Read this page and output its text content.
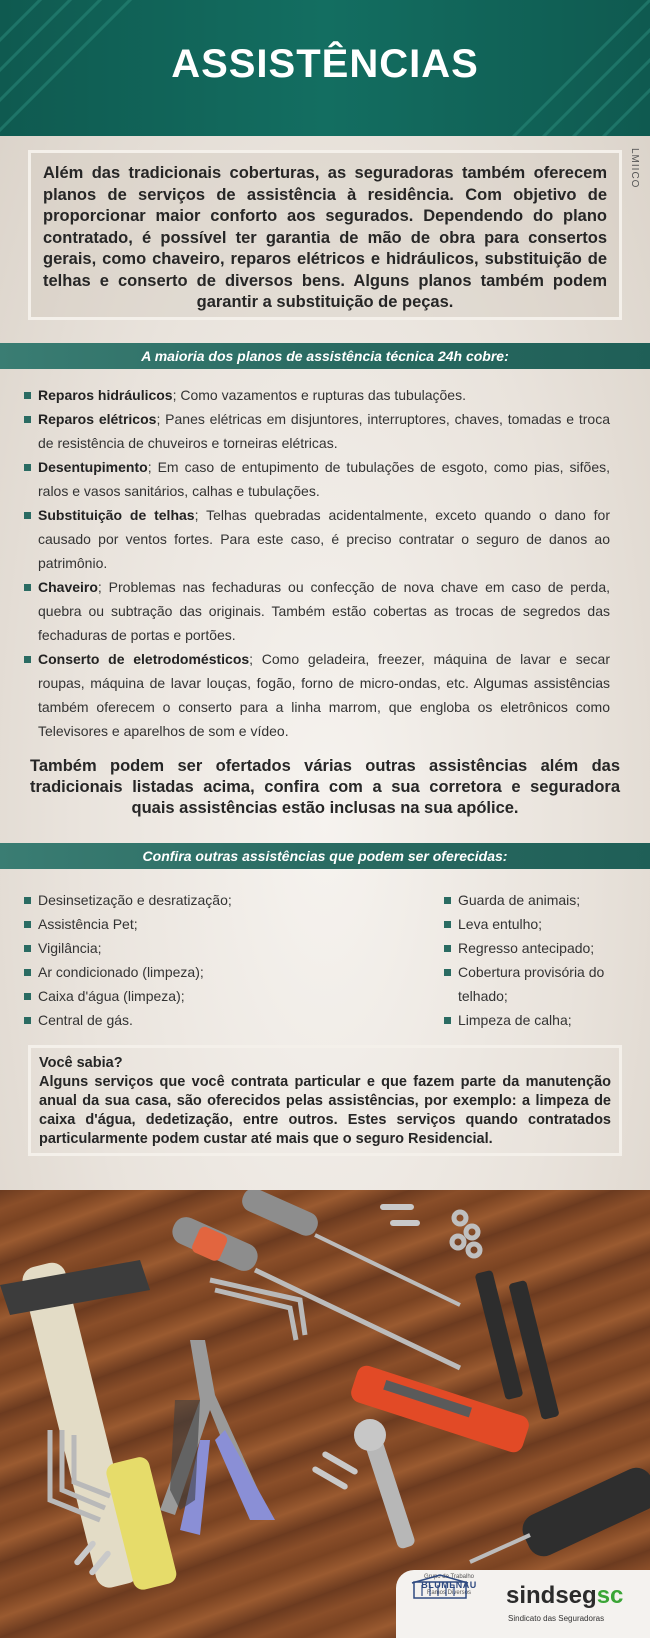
ASSISTÊNCIAS
LMIICO
Além das tradicionais coberturas, as seguradoras também oferecem planos de serviços de assistência à residência. Com objetivo de proporcionar maior conforto aos segurados. Dependendo do plano contratado, é possível ter garantia de mão de obra para consertos gerais, como chaveiro, reparos elétricos e hidráulicos, substituição de telhas e conserto de diversos bens. Alguns planos também podem garantir a substituição de peças.
A maioria dos planos de assistência técnica 24h cobre:
Reparos hidráulicos; Como vazamentos e rupturas das tubulações.
Reparos elétricos; Panes elétricas em disjuntores, interruptores, chaves, tomadas e troca de resistência de chuveiros e torneiras elétricas.
Desentupimento; Em caso de entupimento de tubulações de esgoto, como pias, sifões, ralos e vasos sanitários, calhas e tubulações.
Substituição de telhas; Telhas quebradas acidentalmente, exceto quando o dano for causado por ventos fortes. Para este caso, é preciso contratar o seguro de danos ao patrimônio.
Chaveiro; Problemas nas fechaduras ou confecção de nova chave em caso de perda, quebra ou subtração das originais. Também estão cobertas as trocas de segredos das fechaduras de portas e portões.
Conserto de eletrodomésticos; Como geladeira, freezer, máquina de lavar e secar roupas, máquina de lavar louças, fogão, forno de micro-ondas, etc. Algumas assistências também oferecem o conserto para a linha marrom, que engloba os eletrônicos como Televisores e aparelhos de som e vídeo.
Também podem ser ofertados várias outras assistências além das tradicionais listadas acima, confira com a sua corretora e seguradora quais assistências estão inclusas na sua apólice.
Confira outras assistências que podem ser oferecidas:
Desinsetização e desratização;
Assistência Pet;
Vigilância;
Ar condicionado (limpeza);
Caixa d'água (limpeza);
Central de gás.
Guarda de animais;
Leva entulho;
Regresso antecipado;
Cobertura provisória do telhado;
Limpeza de calha;
Você sabia?
Alguns serviços que você contrata particular e que fazem parte da manutenção anual da sua casa, são oferecidos pelas assistências, por exemplo: a limpeza de caixa d'água, dedetização, entre outros. Estes serviços quando contratados particularmente podem custar até mais que o seguro Residencial.
Grupo de Trabalho
BLUMENAU
Ramos Diversos	sindsegsc
Sindicato das Seguradoras
